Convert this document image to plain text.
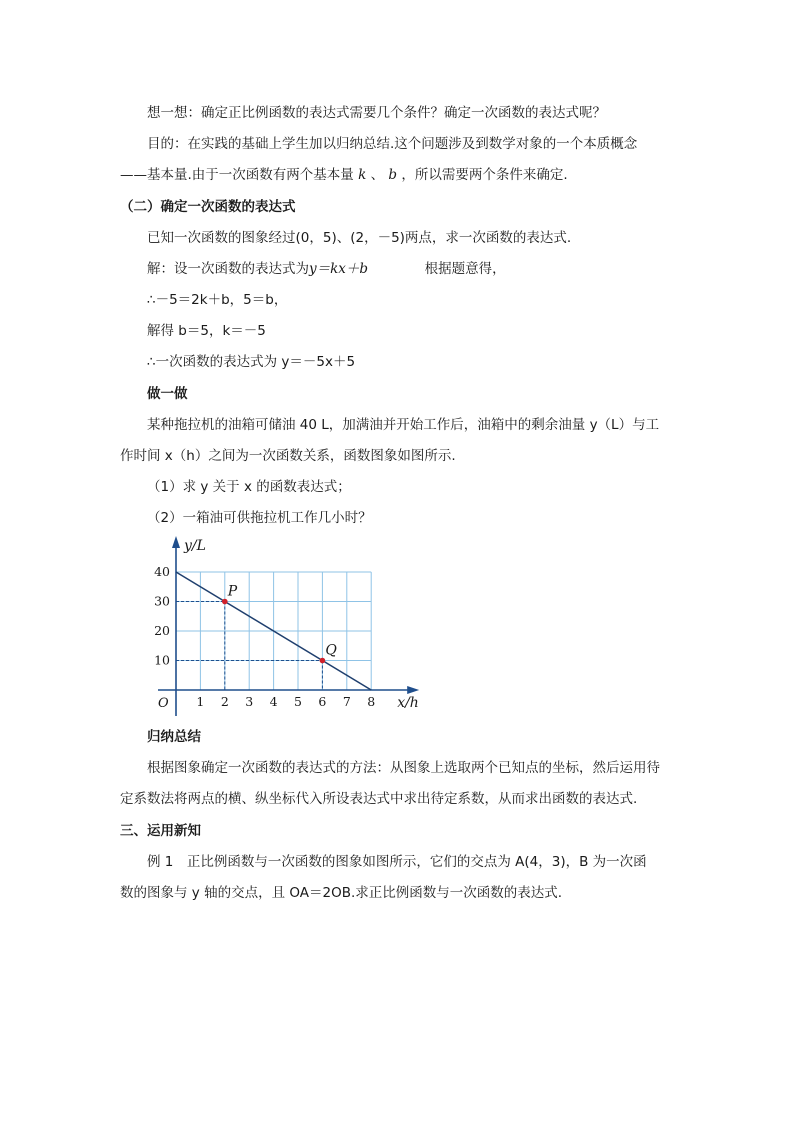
想一想：确定正比例函数的表达式需要几个条件？确定一次函数的表达式呢？
目的：在实践的基础上学生加以归纳总结.这个问题涉及到数学对象的一个本质概念
——基本量.由于一次函数有两个基本量 k 、 b ，所以需要两个条件来确定.
（二）确定一次函数的表达式
已知一次函数的图象经过(0，5)、(2，－5)两点，求一次函数的表达式.
解：设一次函数的表达式为y＝kx＋b	根据题意得，
∴－5＝2k＋b，5＝b，
解得 b＝5，k＝－5
∴一次函数的表达式为 y＝－5x＋5
做一做
某种拖拉机的油箱可储油 40 L，加满油并开始工作后，油箱中的剩余油量 y（L）与工
作时间 x（h）之间为一次函数关系，函数图象如图所示.
（1）求 y 关于 x 的函数表达式；
（2）一箱油可供拖拉机工作几小时？
P
Q
1 2 3 4 5 6 7 8
10
20
30
40
O	x/h
y/L
归纳总结
根据图象确定一次函数的表达式的方法：从图象上选取两个已知点的坐标，然后运用待
定系数法将两点的横、纵坐标代入所设表达式中求出待定系数，从而求出函数的表达式.
三、运用新知
例 1　正比例函数与一次函数的图象如图所示，它们的交点为 A(4，3)，B 为一次函
数的图象与 y 轴的交点，且 OA＝2OB.求正比例函数与一次函数的表达式.
